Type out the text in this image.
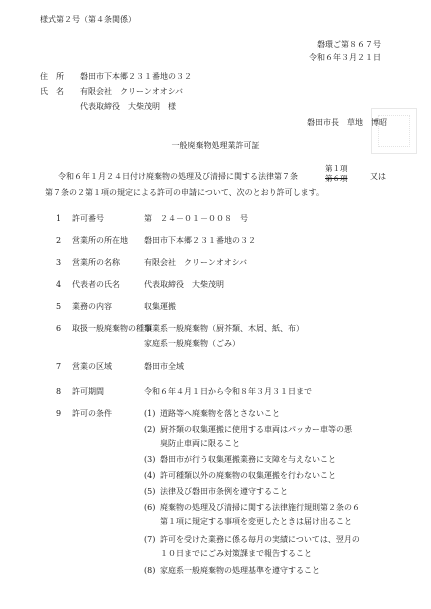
様式第２号（第４条関係）
磐環ご第８６７号
令和６年３月２１日
住　所 磐田市下本郷２３１番地の３２
氏　名 有限会社　クリーンオオシバ
代表取締役　大柴茂明　様
磐田市長　草地　博昭
一般廃棄物処理業許可証
令和６年１月２４日付け廃棄物の処理及び清掃に関する法律第７条
第１項
第６項	又は
第７条の２第１項の規定による許可の申請について、次のとおり許可します。
1 許可番号	第　２４－０１－００８　号
2 営業所の所在地 磐田市下本郷２３１番地の３２
3 営業所の名称	有限会社　クリーンオオシバ
4 代表者の氏名	代表取締役　大柴茂明
5 業務の内容	収集運搬
6 取扱一般廃棄物の種類
事業系一般廃棄物（厨芥類、木屑、紙、布）
家庭系一般廃棄物（ごみ）
7 営業の区域	磐田市全域
8 許可期間	令和６年４月１日から令和８年３月３１日まで
9 許可の条件	(1) 道路等へ廃棄物を落とさないこと
(2) 厨芥類の収集運搬に使用する車両はパッカー車等の悪
臭防止車両に限ること
(3) 磐田市が行う収集運搬業務に支障を与えないこと
(4) 許可種類以外の廃棄物の収集運搬を行わないこと
(5) 法律及び磐田市条例を遵守すること
(6) 廃棄物の処理及び清掃に関する法律施行規則第２条の６
第１項に規定する事項を変更したときは届け出ること
(7) 許可を受けた業務に係る毎月の実績については、翌月の
１０日までにごみ対策課まで報告すること
(8) 家庭系一般廃棄物の処理基準を遵守すること
